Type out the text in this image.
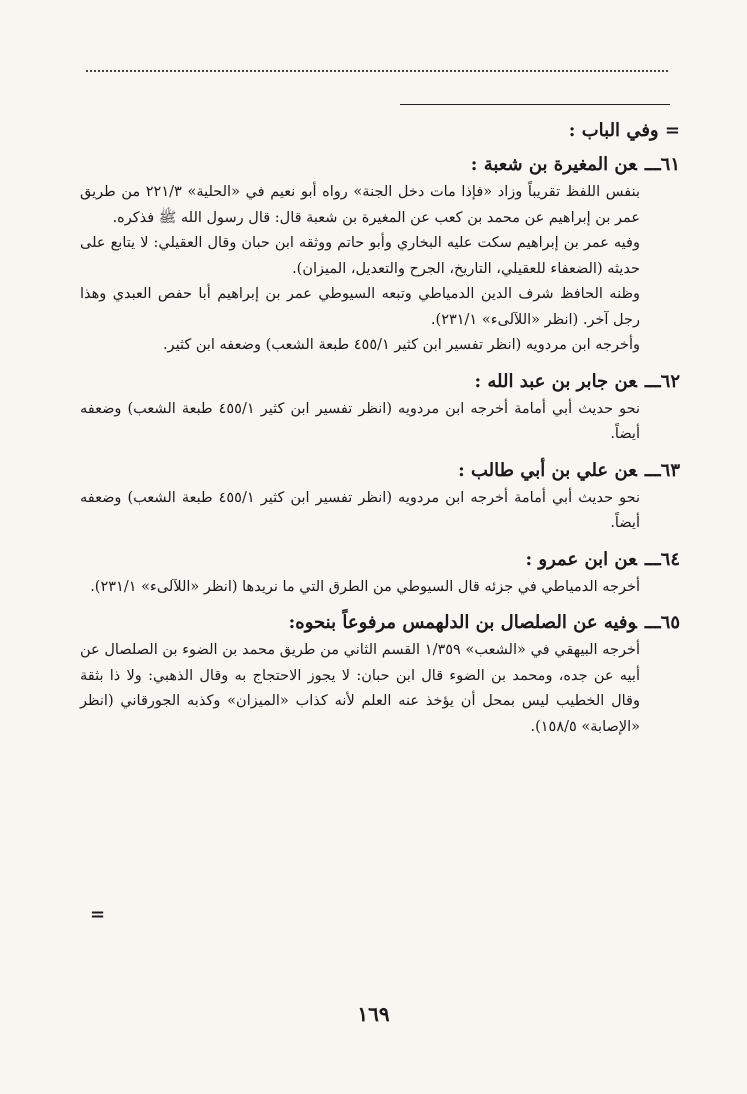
= وفي الباب :
٦١ـــعن المغيرة بن شعبة :

بنفس اللفظ تقريباً وزاد «فإذا مات دخل الجنة» رواه أبو نعيم في «الحلية» ٢٢١/٣ من طريق عمر بن إبراهيم عن محمد بن كعب عن المغيرة بن شعبة قال: قال رسول الله ﷺ فذكره.

وفيه عمر بن إبراهيم سكت عليه البخاري وأبو حاتم ووثقه ابن حبان وقال العقيلي: لا يتابع على حديثه (الضعفاء للعقيلي، التاريخ، الجرح والتعديل، الميزان).

وظنه الحافظ شرف الدين الدمياطي وتبعه السيوطي عمر بن إبراهيم أبا حفص العبدي وهذا رجل آخر. (انظر «اللآلىء» ٢٣١/١).

وأخرجه ابن مردويه (انظر تفسير ابن كثير ٤٥٥/١ طبعة الشعب) وضعفه ابن كثير.

٦٢ـــعن جابر بن عبد الله :

نحو حديث أبي أمامة أخرجه ابن مردويه (انظر تفسير ابن كثير ٤٥٥/١ طبعة الشعب) وضعفه أيضاً.

٦٣ـــعن علي بن أبي طالب :

نحو حديث أبي أمامة أخرجه ابن مردويه (انظر تفسير ابن كثير ٤٥٥/١ طبعة الشعب) وضعفه أيضاً.

٦٤ـــعن ابن عمرو :

أخرجه الدمياطي في جزئه قال السيوطي من الطرق التي ما نريدها (انظر «اللآلىء» ٢٣١/١).

٦٥ـــوفيه عن الصلصال بن الدلهمس مرفوعاً بنحوه:

أخرجه البيهقي في «الشعب» ١/٣٥٩ القسم الثاني من طريق محمد بن الضوء بن الصلصال عن أبيه عن جده، ومحمد بن الضوء قال ابن حبان: لا يجوز الاحتجاج به وقال الذهبي: ولا ذا بثقة وقال الخطيب ليس بمحل أن يؤخذ عنه العلم لأنه كذاب «الميزان» وكذبه الجورقاني (انظر «الإصابة» ١٥٨/٥).

=
١٦٩
